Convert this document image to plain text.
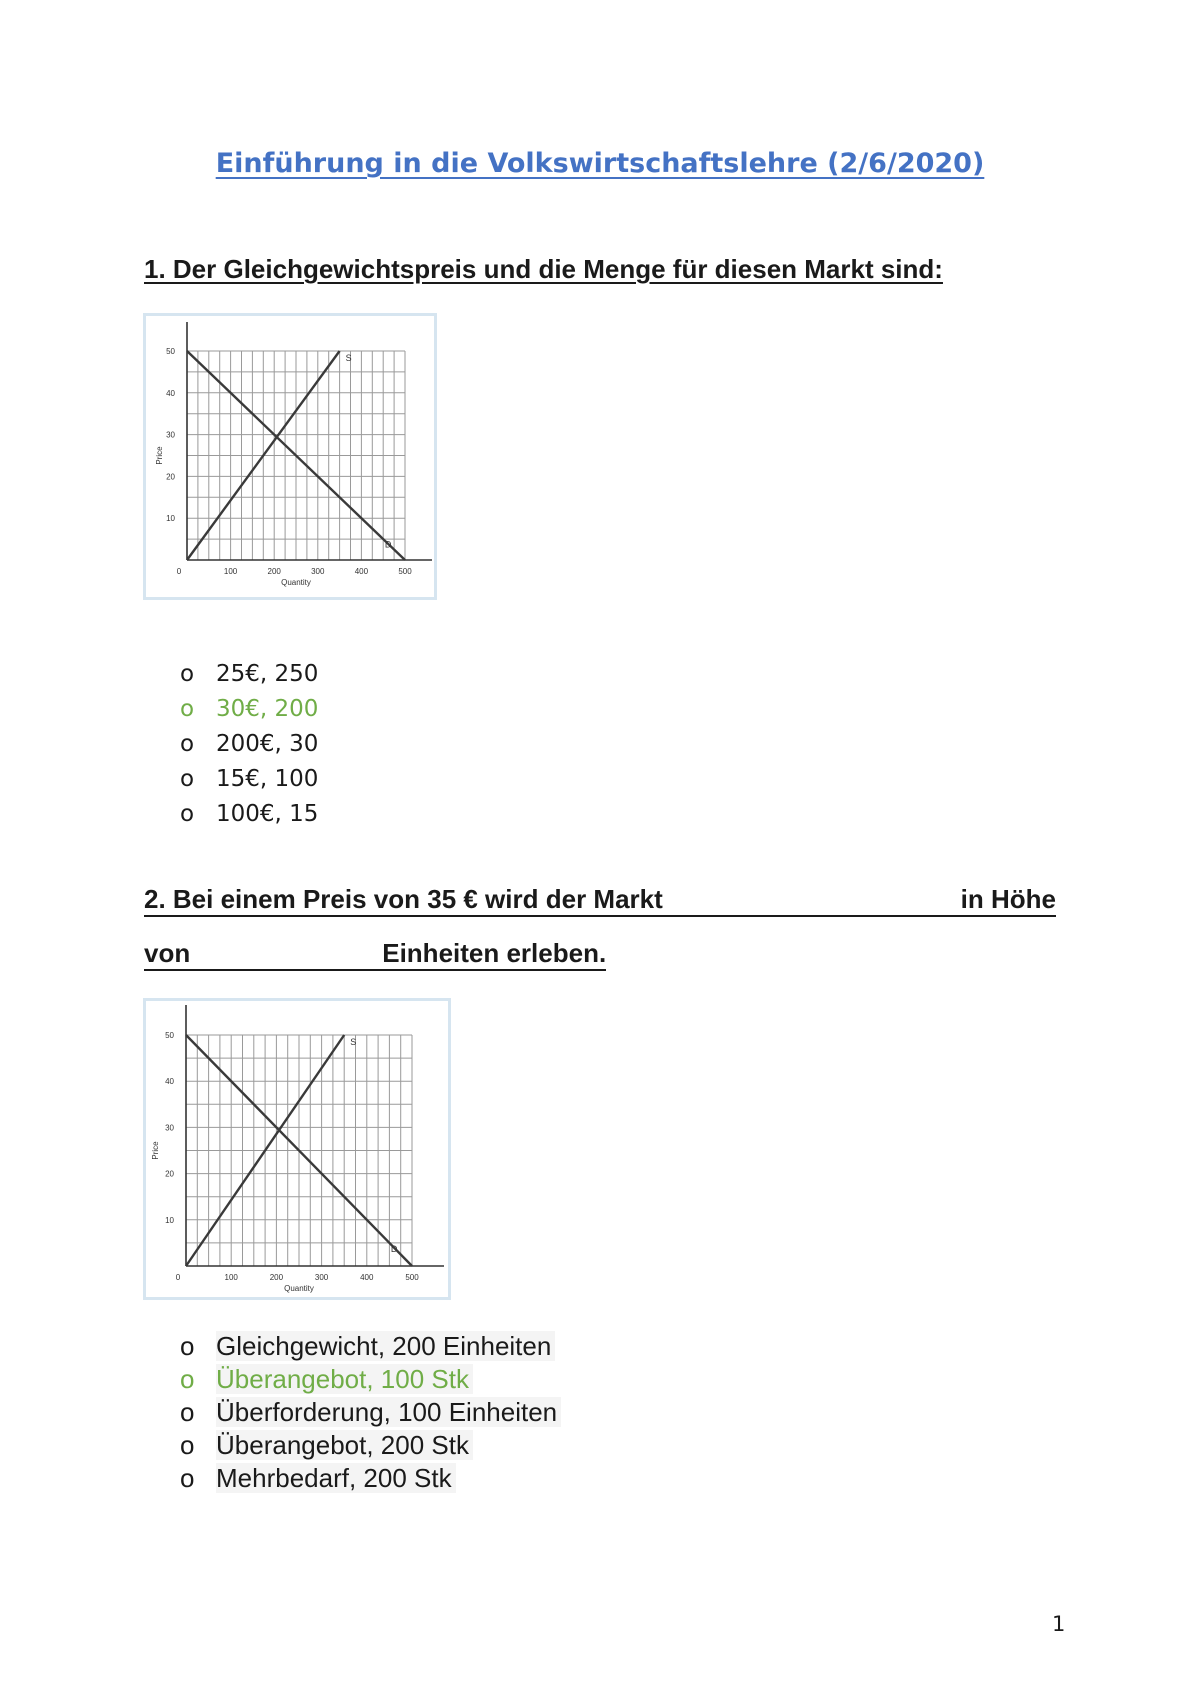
Einführung in die Volkswirtschaftslehre (2/6/2020)
1. Der Gleichgewichtspreis und die Menge für diesen Markt sind:
S
D
10
20
30
40
50
0	100	200	300	400	500
Quantity
Price
o 25€, 250
o 30€, 200
o 200€, 30
o 15€, 100
o 100€, 15
2. Bei einem Preis von 35 € wird der Markt	in Höhe

von	Einheiten erleben.
S
D
10
20
30
40
50
0	100	200	300	400	500
Quantity
Price
o Gleichgewicht, 200 Einheiten
o Überangebot, 100 Stk
o Überforderung, 100 Einheiten
o Überangebot, 200 Stk
o Mehrbedarf, 200 Stk
1
